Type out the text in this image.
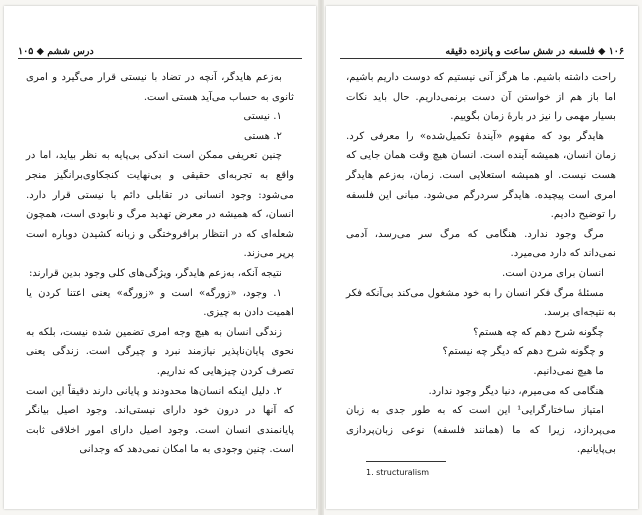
درس ششم ◆ ۱۰۵

به‌زعم هایدگر، آنچه در تضاد با نیستی قرار می‌گیرد و امری ثانوی به حساب می‌آید هستی است.

۱. نیستی

۲. هستی

چنین تعریفی ممکن است اندکی بی‌پایه به نظر بیاید، اما در واقع به تجربه‌ای حقیقی و بی‌نهایت کنجکاوی‌برانگیز منجر می‌شود: وجود انسانی در تقابلی دائم با نیستی قرار دارد. انسان، که همیشه در معرض تهدید مرگ و نابودی است، همچون شعله‌ای که در انتظار برافروختگی و زبانه کشیدن دوباره است پرپر می‌زند.

نتیجه آنکه، به‌زعم هایدگر، ویژگی‌های کلی وجود بدین قرارند:

۱. وجود، «زورگه» است و «زورگه» یعنی اعتنا کردن یا اهمیت دادن به چیزی.

زندگی انسان به هیچ وجه امری تضمین شده نیست، بلکه به نحوی پایان‌ناپذیر نیازمند نبرد و چیرگی است. زندگی یعنی تصرف کردن چیزهایی که نداریم.

۲. دلیل اینکه انسان‌ها محدودند و پایانی دارند دقیقاً این است که آنها در درون خود دارای نیستی‌اند. وجود اصیل بیانگر پایانمندی انسان است. وجود اصیل دارای امور اخلاقی ثابت است. چنین وجودی به ما امکان نمی‌دهد که وجدانی

۱۰۶ ◆ فلسفه در شش ساعت و پانزده دقیقه

راحت داشته باشیم. ما هرگز آنی نیستیم که دوست داریم باشیم، اما باز هم از خواستن آن دست برنمی‌داریم. حال باید نکات بسیار مهمی را نیز در بارهٔ زمان بگوییم.

هایدگر بود که مفهوم «آیندهٔ تکمیل‌شده» را معرفی کرد. زمان انسان، همیشه آینده است. انسان هیچ وقت همان جایی که هست نیست. او همیشه استعلایی است. زمان، به‌زعم هایدگر امری است پیچیده. هایدگر سردرگم می‌شود. مبانی این فلسفه را توضیح دادیم.

مرگ وجود ندارد. هنگامی که مرگ سر می‌رسد، آدمی نمی‌داند که دارد می‌میرد.

انسان برای مردن است.

مسئلهٔ مرگ فکر انسان را به خود مشغول می‌کند بی‌آنکه فکر به نتیجه‌ای برسد.

چگونه شرح دهم که چه هستم؟

و چگونه شرح دهم که دیگر چه نیستم؟

ما هیچ نمی‌دانیم.

هنگامی که می‌میرم، دنیا دیگر وجود ندارد.

امتیاز ساختارگرایی¹ این است که به طور جدی به زبان می‌پردازد، زیرا که ما (همانند فلسفه) نوعی زبان‌پردازی بی‌پایانیم.

1. structuralism
